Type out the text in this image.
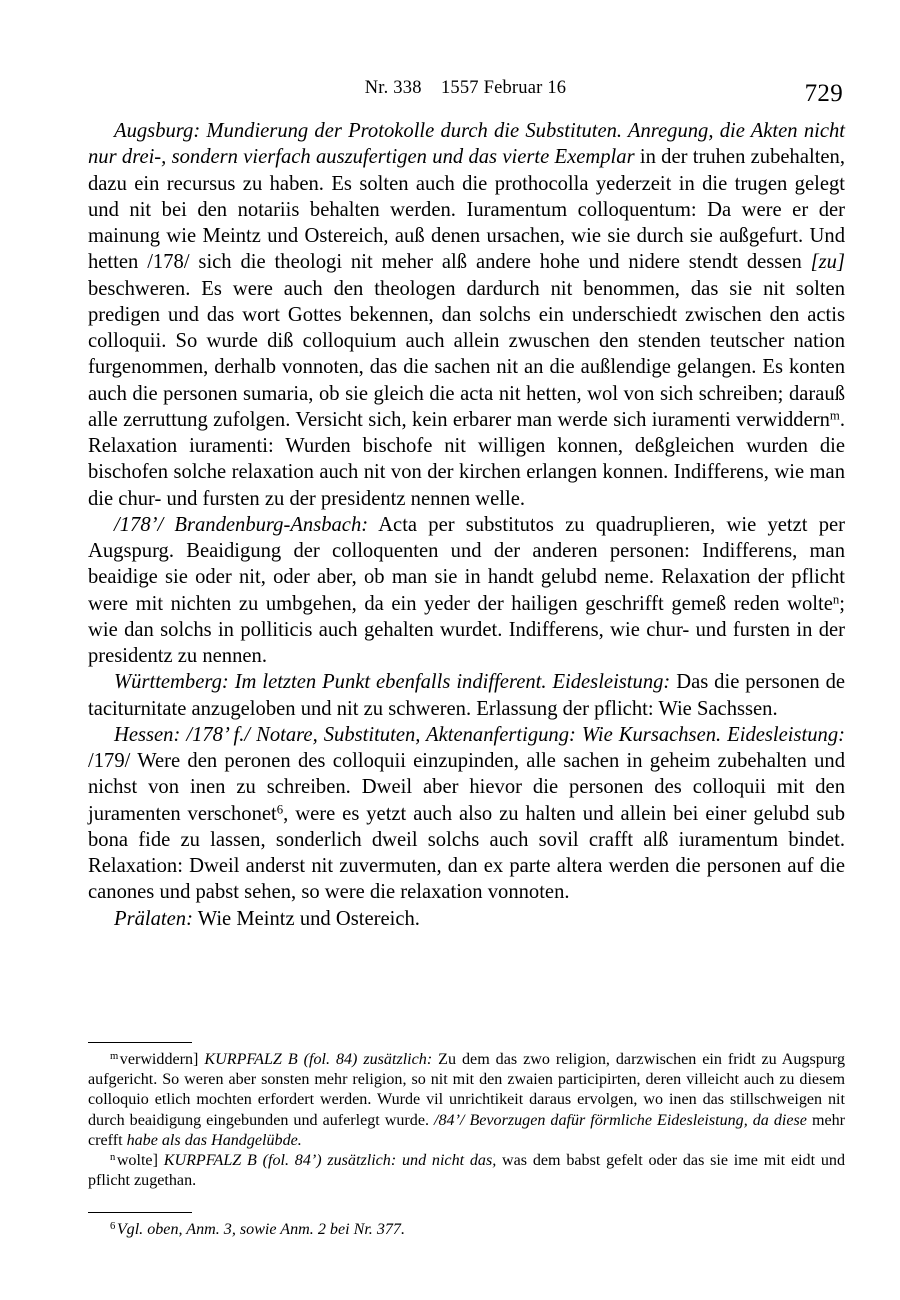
Nr. 338    1557 Februar 16	729

Augsburg: Mundierung der Protokolle durch die Substituten. Anregung, die Akten nicht nur drei-, sondern vierfach auszufertigen und das vierte Exemplar in der truhen zubehalten, dazu ein recursus zu haben. Es solten auch die prothocolla yederzeit in die trugen gelegt und nit bei den notariis behalten werden. Iuramentum colloquentum: Da were er der mainung wie Meintz und Ostereich, auß denen ursachen, wie sie durch sie außgefurt. Und hetten /178/ sich die theologi nit meher alß andere hohe und nidere stendt dessen [zu] beschweren. Es were auch den theologen dardurch nit benommen, das sie nit solten predigen und das wort Gottes bekennen, dan solchs ein underschiedt zwischen den actis colloquii. So wurde diß colloquium auch allein zwuschen den stenden teutscher nation furgenommen, derhalb vonnoten, das die sachen nit an die außlendige gelangen. Es konten auch die personen sumaria, ob sie gleich die acta nit hetten, wol von sich schreiben; darauß alle zerruttung zufolgen. Versicht sich, kein erbarer man werde sich iuramenti verwiddern$^m$. Relaxation iuramenti: Wurden bischofe nit willigen konnen, deßgleichen wurden die bischofen solche relaxation auch nit von der kirchen erlangen konnen. Indifferens, wie man die chur- und fursten zu der presidentz nennen welle.

/178’/ Brandenburg-Ansbach: Acta per substitutos zu quadruplieren, wie yetzt per Augspurg. Beaidigung der colloquenten und der anderen personen: Indifferens, man beaidige sie oder nit, oder aber, ob man sie in handt gelubd neme. Relaxation der pflicht were mit nichten zu umbgehen, da ein yeder der hailigen geschrifft gemeß reden wolte$^n$; wie dan solchs in polliticis auch gehalten wurdet. Indifferens, wie chur- und fursten in der presidentz zu nennen.

Württemberg: Im letzten Punkt ebenfalls indifferent. Eidesleistung: Das die personen de taciturnitate anzugeloben und nit zu schweren. Erlassung der pflicht: Wie Sachssen.

Hessen: /178’ f./ Notare, Substituten, Aktenanfertigung: Wie Kursachsen. Eidesleistung: /179/ Were den peronen des colloquii einzupinden, alle sachen in geheim zubehalten und nichst von inen zu schreiben. Dweil aber hievor die personen des colloquii mit den juramenten verschonet$^6$, were es yetzt auch also zu halten und allein bei einer gelubd sub bona fide zu lassen, sonderlich dweil solchs auch sovil crafft alß iuramentum bindet. Relaxation: Dweil anderst nit zuvermuten, dan ex parte altera werden die personen auf die canones und pabst sehen, so were die relaxation vonnoten.

Prälaten: Wie Meintz und Ostereich.

$^m$verwiddern] KURPFALZ B (fol. 84) zusätzlich: Zu dem das zwo religion, darzwischen ein fridt zu Augspurg aufgericht. So weren aber sonsten mehr religion, so nit mit den zwaien participirten, deren villeicht auch zu diesem colloquio etlich mochten erfordert werden. Wurde vil unrichtikeit daraus ervolgen, wo inen das stillschweigen nit durch beaidigung eingebunden und auferlegt wurde. /84’/ Bevorzugen dafür förmliche Eidesleistung, da diese mehr crefft habe als das Handgelübde.

$^n$wolte] KURPFALZ B (fol. 84’) zusätzlich: und nicht das, was dem babst gefelt oder das sie ime mit eidt und pflicht zugethan.

$^6$Vgl. oben, Anm. 3, sowie Anm. 2 bei Nr. 377.
